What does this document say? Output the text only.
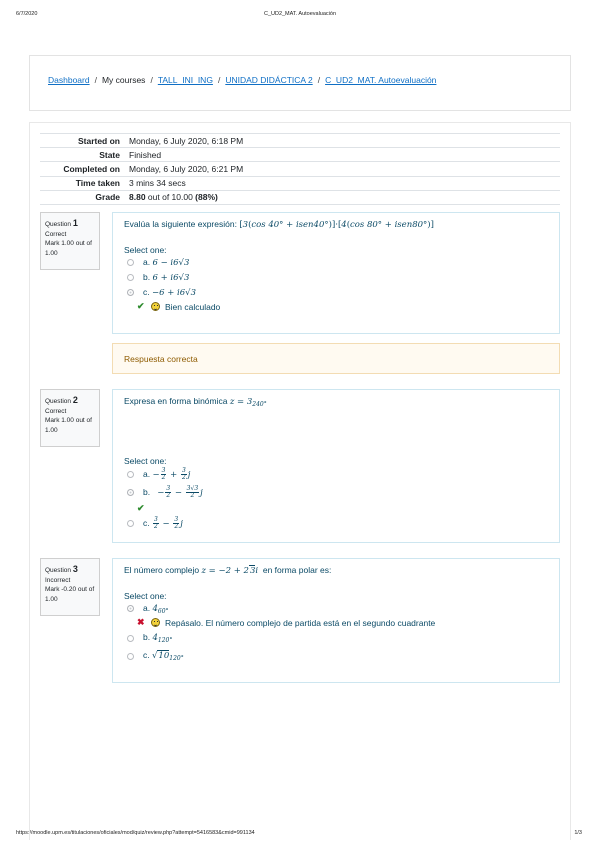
6/7/2020	C_UD2_MAT. Autoevaluación
https://moodle.upm.es/titulaciones/oficiales/mod/quiz/review.php?attempt=5416583&cmid=991134	1/3
Dashboard / My courses / TALL_INI_ING / UNIDAD DIDÁCTICA 2 / C_UD2_MAT. Autoevaluación
Started on	Monday, 6 July 2020, 6:18 PM
State	Finished
Completed on	Monday, 6 July 2020, 6:21 PM
Time taken	3 mins 34 secs
Grade	8.80 out of 10.00 (88%)
Question 1
Correct
Mark 1.00 out of 1.00
Evalúa la siguiente expresión: [3(cos 40° + isen40°)]·[4(cos 80° + isen80°)]
Select one:
a. 6 − i6√3
b. 6 + i6√3
c. −6 + i6√3
✔	Bien calculado
Respuesta correcta
Question 2
Correct
Mark 1.00 out of 1.00
Expresa en forma binómica $z = 3_{240^\circ}$
Select one:
a. − $\frac{3}{2} + \frac{3}{2}$ j
b. − $\frac{3}{2} - \frac{3√3}{2}$ j
✔
c. $\frac{3}{2} - \frac{3}{2}$ j
Question 3
Incorrect
Mark -0.20 out of 1.00
El número complejo z = −2 + 23i en forma polar es:
Select one:
a. $4_{60^\circ}$
✖	Repásalo. El número complejo de partida está en el segundo cuadrante
b. $4_{120^\circ}$
c. $√10_{120^\circ}$
